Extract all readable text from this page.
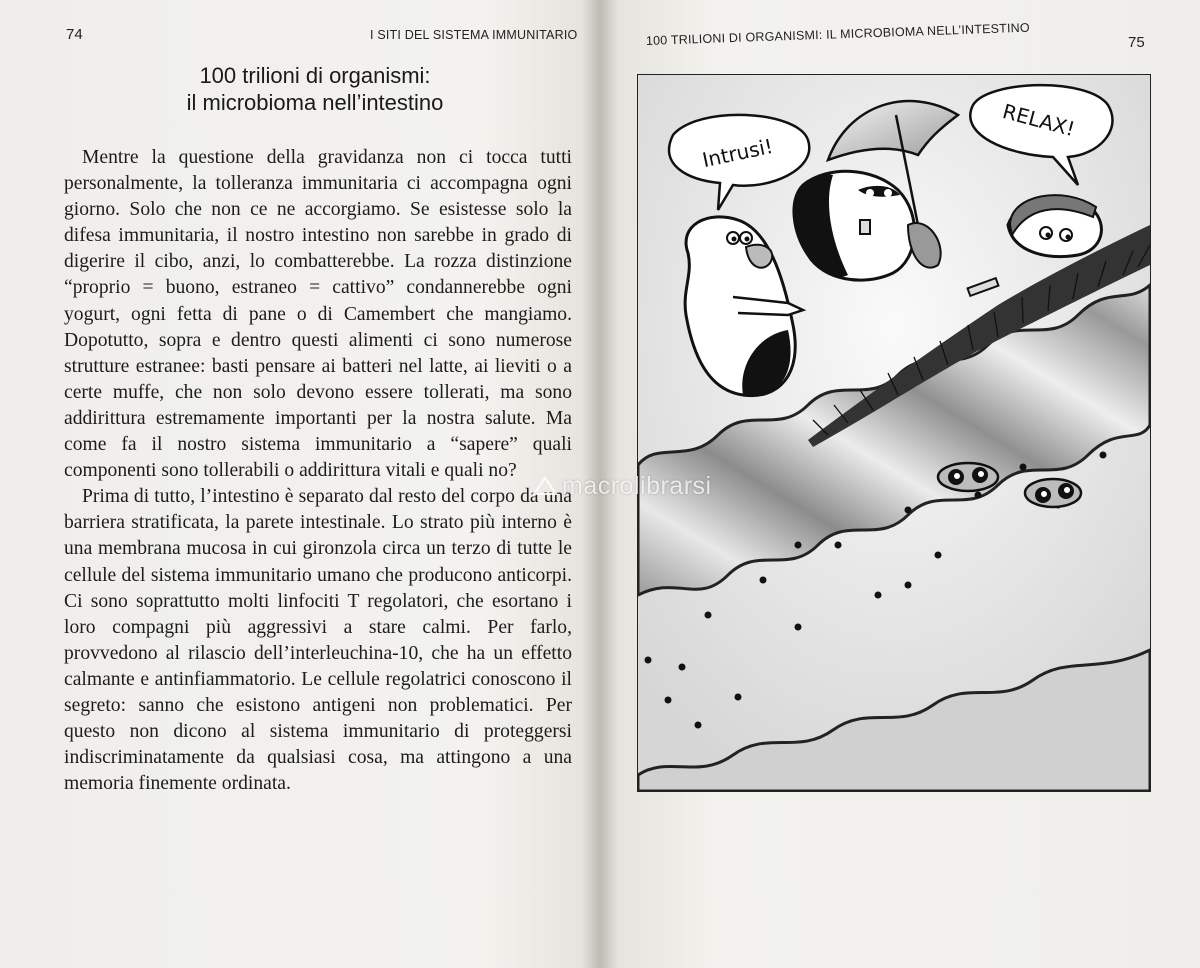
74	I SITI DEL SISTEMA IMMUNITARIO
100 trilioni di organismi:
il microbioma nell’intestino

Mentre la questione della gravidanza non ci tocca tutti personalmente, la tolleranza immunitaria ci accompagna ogni giorno. Solo che non ce ne accorgiamo. Se esistesse solo la difesa immunitaria, il nostro intestino non sarebbe in grado di digerire il cibo, anzi, lo combatterebbe. La rozza distinzione “proprio = buono, estraneo = cattivo” condannerebbe ogni yogurt, ogni fetta di pane o di Camembert che mangiamo. Dopotutto, sopra e dentro questi alimenti ci sono numerose strutture estranee: basti pensare ai batteri nel latte, ai lieviti o a certe muffe, che non solo devono essere tollerati, ma sono addirittura estremamente importanti per la nostra salute. Ma come fa il nostro sistema immunitario a “sapere” quali componenti sono tollerabili o addirittura vitali e quali no?

Prima di tutto, l’intestino è separato dal resto del corpo da una barriera stratificata, la parete intestinale. Lo strato più interno è una membrana mucosa in cui gironzola circa un terzo di tutte le cellule del sistema immunitario umano che producono anticorpi. Ci sono soprattutto molti linfociti T regolatori, che esortano i loro compagni più aggressivi a stare calmi. Per farlo, provvedono al rilascio dell’interleuchina-10, che ha un effetto calmante e antinfiammatorio. Le cellule regolatrici conoscono il segreto: sanno che esistono antigeni non problematici. Per questo non dicono al sistema immunitario di proteggersi indiscriminatamente da qualsiasi cosa, ma attingono a una memoria finemente ordinata.

100 TRILIONI DI ORGANISMI: IL MICROBIOMA NELL’INTESTINO	75
Intrusi!
RELAX!
macrolibrarsi
